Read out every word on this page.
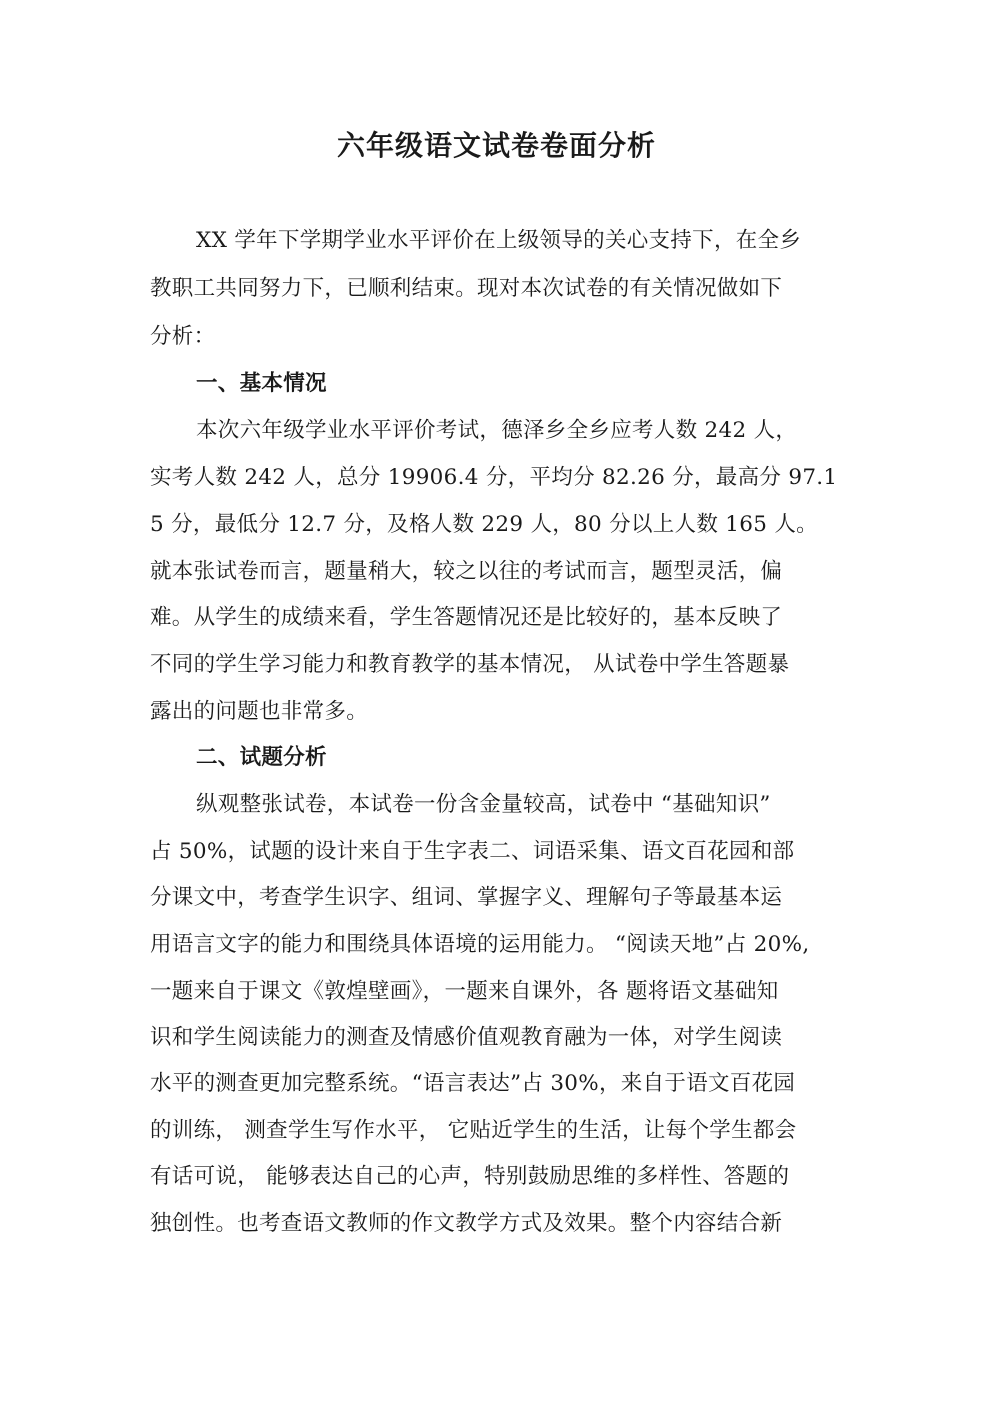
六年级语文试卷卷面分析
XX 学年下学期学业水平评价在上级领导的关心支持下，在全乡
教职工共同努力下，已顺利结束。现对本次试卷的有关情况做如下
分析：
一、基本情况
本次六年级学业水平评价考试，德泽乡全乡应考人数 242 人，
实考人数 242 人，总分 19906.4 分，平均分 82.26 分，最高分 97.1
5 分，最低分 12.7 分，及格人数 229 人，80 分以上人数 165 人。
就本张试卷而言，题量稍大，较之以往的考试而言，题型灵活，偏
难。从学生的成绩来看，学生答题情况还是比较好的，基本反映了
不同的学生学习能力和教育教学的基本情况， 从试卷中学生答题暴
露出的问题也非常多。
二、试题分析
纵观整张试卷，本试卷一份含金量较高，试卷中 “基础知识”
占 50%，试题的设计来自于生字表二、词语采集、语文百花园和部
分课文中，考查学生识字、组词、掌握字义、理解句子等最基本运
用语言文字的能力和围绕具体语境的运用能力。 “阅读天地”占 20%,
一题来自于课文《敦煌壁画》，一题来自课外，各 题将语文基础知
识和学生阅读能力的测查及情感价值观教育融为一体，对学生阅读
水平的测查更加完整系统。“语言表达”占 30%，来自于语文百花园
的训练， 测查学生写作水平， 它贴近学生的生活，让每个学生都会
有话可说， 能够表达自己的心声，特别鼓励思维的多样性、答题的
独创性。也考查语文教师的作文教学方式及效果。整个内容结合新
